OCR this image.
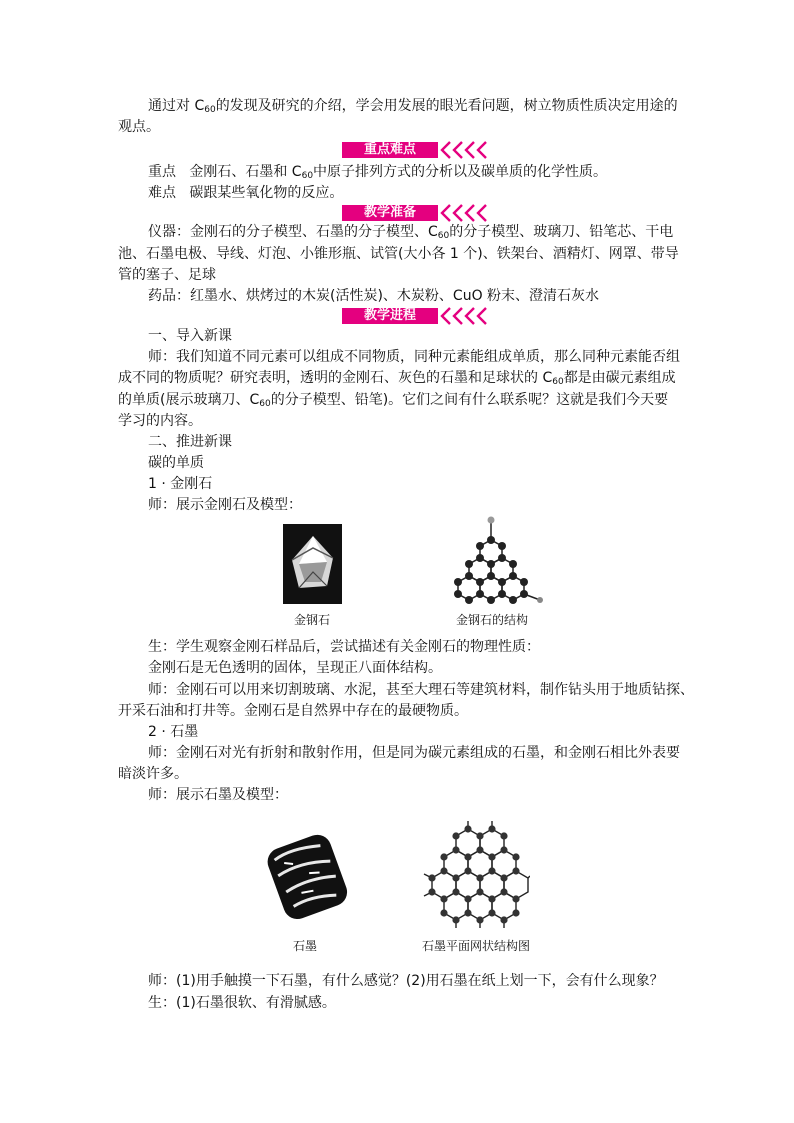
通过对 $C_{60}$的发现及研究的介绍，学会用发展的眼光看问题，树立物质性质决定用途的
观点。
重点难点
重点 金刚石、石墨和 $C_{60}$中原子排列方式的分析以及碳单质的化学性质。
难点 碳跟某些氧化物的反应。
教学准备
仪器：金刚石的分子模型、石墨的分子模型、$C_{60}$的分子模型、玻璃刀、铅笔芯、干电
池、石墨电极、导线、灯泡、小锥形瓶、试管(大小各 1 个)、铁架台、酒精灯、网罩、带导
管的塞子、足球
药品：红墨水、烘烤过的木炭(活性炭)、木炭粉、CuO 粉末、澄清石灰水
教学进程
一、导入新课
师：我们知道不同元素可以组成不同物质，同种元素能组成单质，那么同种元素能否组
成不同的物质呢？研究表明，透明的金刚石、灰色的石墨和足球状的 $C_{60}$都是由碳元素组成
的单质(展示玻璃刀、$C_{60}$的分子模型、铅笔)。它们之间有什么联系呢？这就是我们今天要
学习的内容。
二、推进新课
碳的单质
1 · 金刚石
师：展示金刚石及模型：
金钢石	金钢石的结构
生：学生观察金刚石样品后，尝试描述有关金刚石的物理性质：
金刚石是无色透明的固体，呈现正八面体结构。
师：金刚石可以用来切割玻璃、水泥，甚至大理石等建筑材料，制作钻头用于地质钻探、
开采石油和打井等。金刚石是自然界中存在的最硬物质。
2 · 石墨
师：金刚石对光有折射和散射作用，但是同为碳元素组成的石墨，和金刚石相比外表要
暗淡许多。
师：展示石墨及模型：
石墨	石墨平面网状结构图
师：(1)用手触摸一下石墨，有什么感觉？(2)用石墨在纸上划一下，会有什么现象？
生：(1)石墨很软、有滑腻感。
